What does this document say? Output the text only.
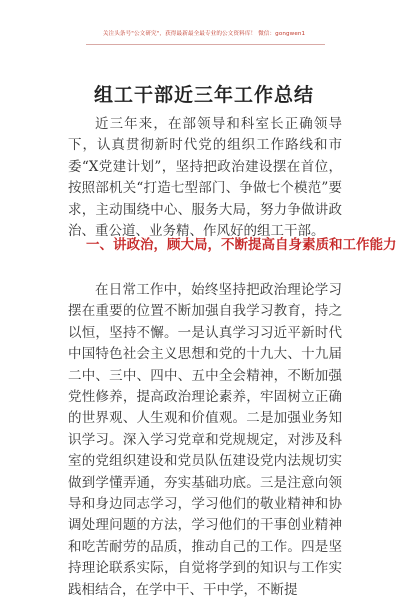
关注头条号"公文研究"，获得最新最全最专业的公文资料库！ 微信：gongwen1
组工干部近三年工作总结

近三年来，在部领导和科室长正确领导下，认真贯彻新时代党的组织工作路线和市委“X党建计划”，坚持把政治建设摆在首位，按照部机关“打造七型部门、争做七个模范”要求，主动围绕中心、服务大局，努力争做讲政治、重公道、业务精、作风好的组工干部。

一、讲政治，顾大局，不断提高自身素质和工作能力

在日常工作中，始终坚持把政治理论学习摆在重要的位置不断加强自我学习教育，持之以恒，坚持不懈。一是认真学习习近平新时代中国特色社会主义思想和党的十九大、十九届二中、三中、四中、五中全会精神，不断加强党性修养，提高政治理论素养，牢固树立正确的世界观、人生观和价值观。二是加强业务知识学习。深入学习党章和党规规定，对涉及科室的党组织建设和党员队伍建设党内法规切实做到学懂弄通，夯实基础功底。三是注意向领导和身边同志学习，学习他们的敬业精神和协调处理问题的方法，学习他们的干事创业精神和吃苦耐劳的品质，推动自己的工作。四是坚持理论联系实际，自觉将学到的知识与工作实践相结合，在学中干、干中学，不断提
